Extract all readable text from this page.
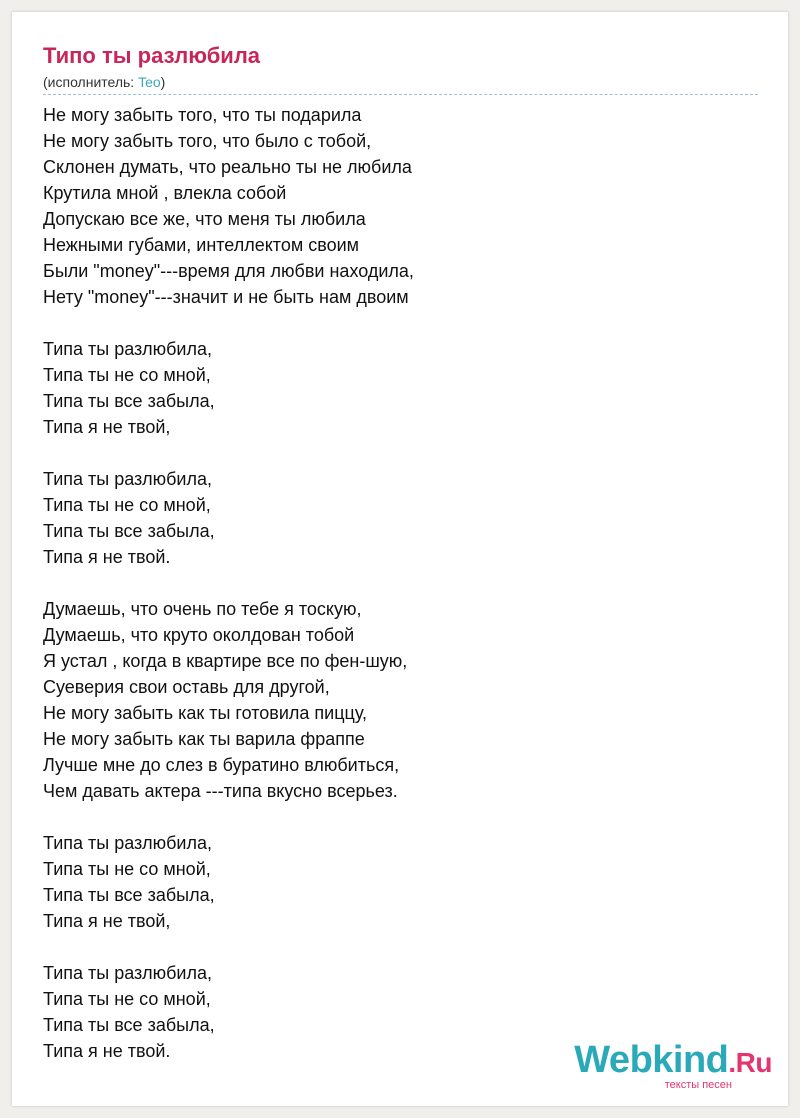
Типо ты разлюбила
(исполнитель: Teo)
Не могу забыть того, что ты подарила
Не могу забыть того, что было с тобой,
Склонен думать, что реально ты не любила
Крутила мной , влекла собой
Допускаю все же, что меня ты любила
Нежными губами, интеллектом своим
Были "money"---время для любви находила,
Нету "money"---значит и не быть нам двоим
Типа ты разлюбила,
Типа ты не со мной,
Типа ты все забыла,
Типа я не твой,
Типа ты разлюбила,
Типа ты не со мной,
Типа ты все забыла,
Типа я не твой.
Думаешь, что очень по тебе я тоскую,
Думаешь, что круто околдован тобой
Я устал , когда в квартире все по фен-шую,
Суеверия свои оставь для другой,
Не могу забыть как ты готовила пиццу,
Не могу забыть как ты варила фраппе
Лучше мне до слез в буратино влюбиться,
Чем давать актера ---типа вкусно всерьез.
Типа ты разлюбила,
Типа ты не со мной,
Типа ты все забыла,
Типа я не твой,
Типа ты разлюбила,
Типа ты не со мной,
Типа ты все забыла,
Типа я не твой.	Webkind.Ru
тексты песен
